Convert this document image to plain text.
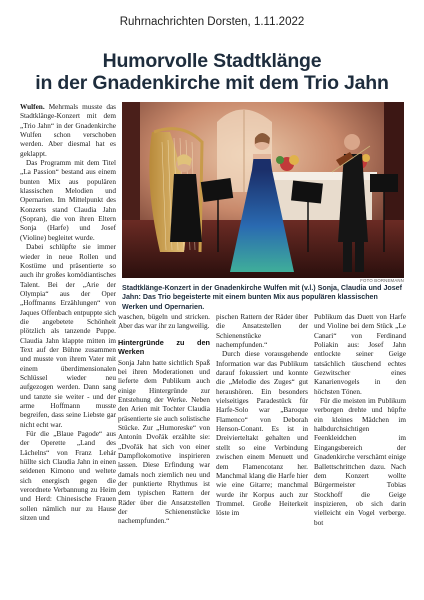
Ruhrnachrichten Dorsten, 1.11.2022
Humorvolle Stadtklänge
in der Gnadenkirche mit dem Trio Jahn

Wulfen. Mehrmals musste das Stadtklänge-Konzert mit dem „Trio Jahn“ in der Gnadenkirche Wulfen schon verschoben werden. Aber diesmal hat es geklappt.

Das Programm mit dem Titel „La Passion“ bestand aus einem bunten Mix aus populären klassischen Melodien und Opernarien. Im Mittelpunkt des Konzerts stand Claudia Jahn (Sopran), die von ihren Eltern Sonja (Harfe) und Josef (Violine) begleitet wurde.

Dabei schlüpfte sie immer wieder in neue Rollen und Kostüme und präsentierte so auch ihr großes komödiantisches Talent. Bei der „Arie der Olympia“ aus der Oper „Hoffmanns Erzählungen“ von Jaques Offenbach entpuppte sich die angebetete Schönheit plötzlich als tanzende Puppe. Claudia Jahn klappte mitten im Text auf der Bühne zusammen und musste von ihrem Vater mit einem überdimensionalen Schlüssel wieder neu aufgezogen werden. Dann sang und tanzte sie weiter - und der arme Hoffmann musste begreifen, dass seine Liebste gar nicht echt war.

Für die „Blaue Pagode“ aus der Operette „Land des Lächelns“ von Franz Lehár hüllte sich Claudia Jahn in einen seidenen Kimono und weltete sich energisch gegen die verordnete Verbannung zu Heim und Herd: Chinesische Frauen sollen nämlich nur zu Hause sitzen und

FOTO BORNEMANN
Stadtklänge-Konzert in der Gnadenkirche Wulfen mit (v.l.) Sonja, Claudia und Josef Jahn: Das Trio begeisterte mit einem bunten Mix aus populären klassischen Werken und Opernarien.

waschen, bügeln und stricken. Aber das war ihr zu langweilig.

Hintergründe zu den Werken

Sonja Jahn hatte sichtlich Spaß bei ihren Moderationen und lieferte dem Publikum auch einige Hintergründe zur Entstehung der Werke. Neben den Arien mit Tochter Claudia präsentierte sie auch solistische Stücke. Zur „Humoreske“ von Antonín Dvořák erzählte sie: „Dvořák hat sich von einer Dampflokomotive inspirieren lassen. Diese Erfindung war damals noch ziemlich neu und der punktierte Rhythmus ist dem typischen Rattern der Räder über die Ansatzstellen der Schienenstücke nachempfunden.“

pischen Rattern der Räder über die Ansatzstellen der Schienenstücke nachempfunden.“

Durch diese vorausgehende Information war das Publikum darauf fokussiert und konnte die „Melodie des Zuges“ gut heraushören. Ein besonders vielseitiges Paradestück für Harfe-Solo war „Baroque Flamenco“ von Deborah Henson-Conant. Es ist in Dreivierteltakt gehalten und stellt so eine Verbindung zwischen einem Menuett und dem Flamencotanz her. Manchmal klang die Harfe hier wie eine Gitarre; manchmal wurde ihr Korpus auch zur Trommel. Große Heiterkeit löste im

Publikum das Duett von Harfe und Violine bei dem Stück „Le Canari“ von Ferdinand Poliakin aus: Josef Jahn entlockte seiner Geige tatsächlich täuschend echtes Gezwitscher eines Kanarienvogels in den höchsten Tönen.

Für die meisten im Publikum verborgen drehte und hüpfte ein kleines Mädchen im halbdurchsichtigen Feenkleidchen im Eingangsbereich der Gnadenkirche verschämt einige Ballettschrittchen dazu. Nach dem Konzert wollte Bürgermeister Tobias Stockhoff die Geige inspizieren, ob sich darin vielleicht ein Vogel verberge. bot
